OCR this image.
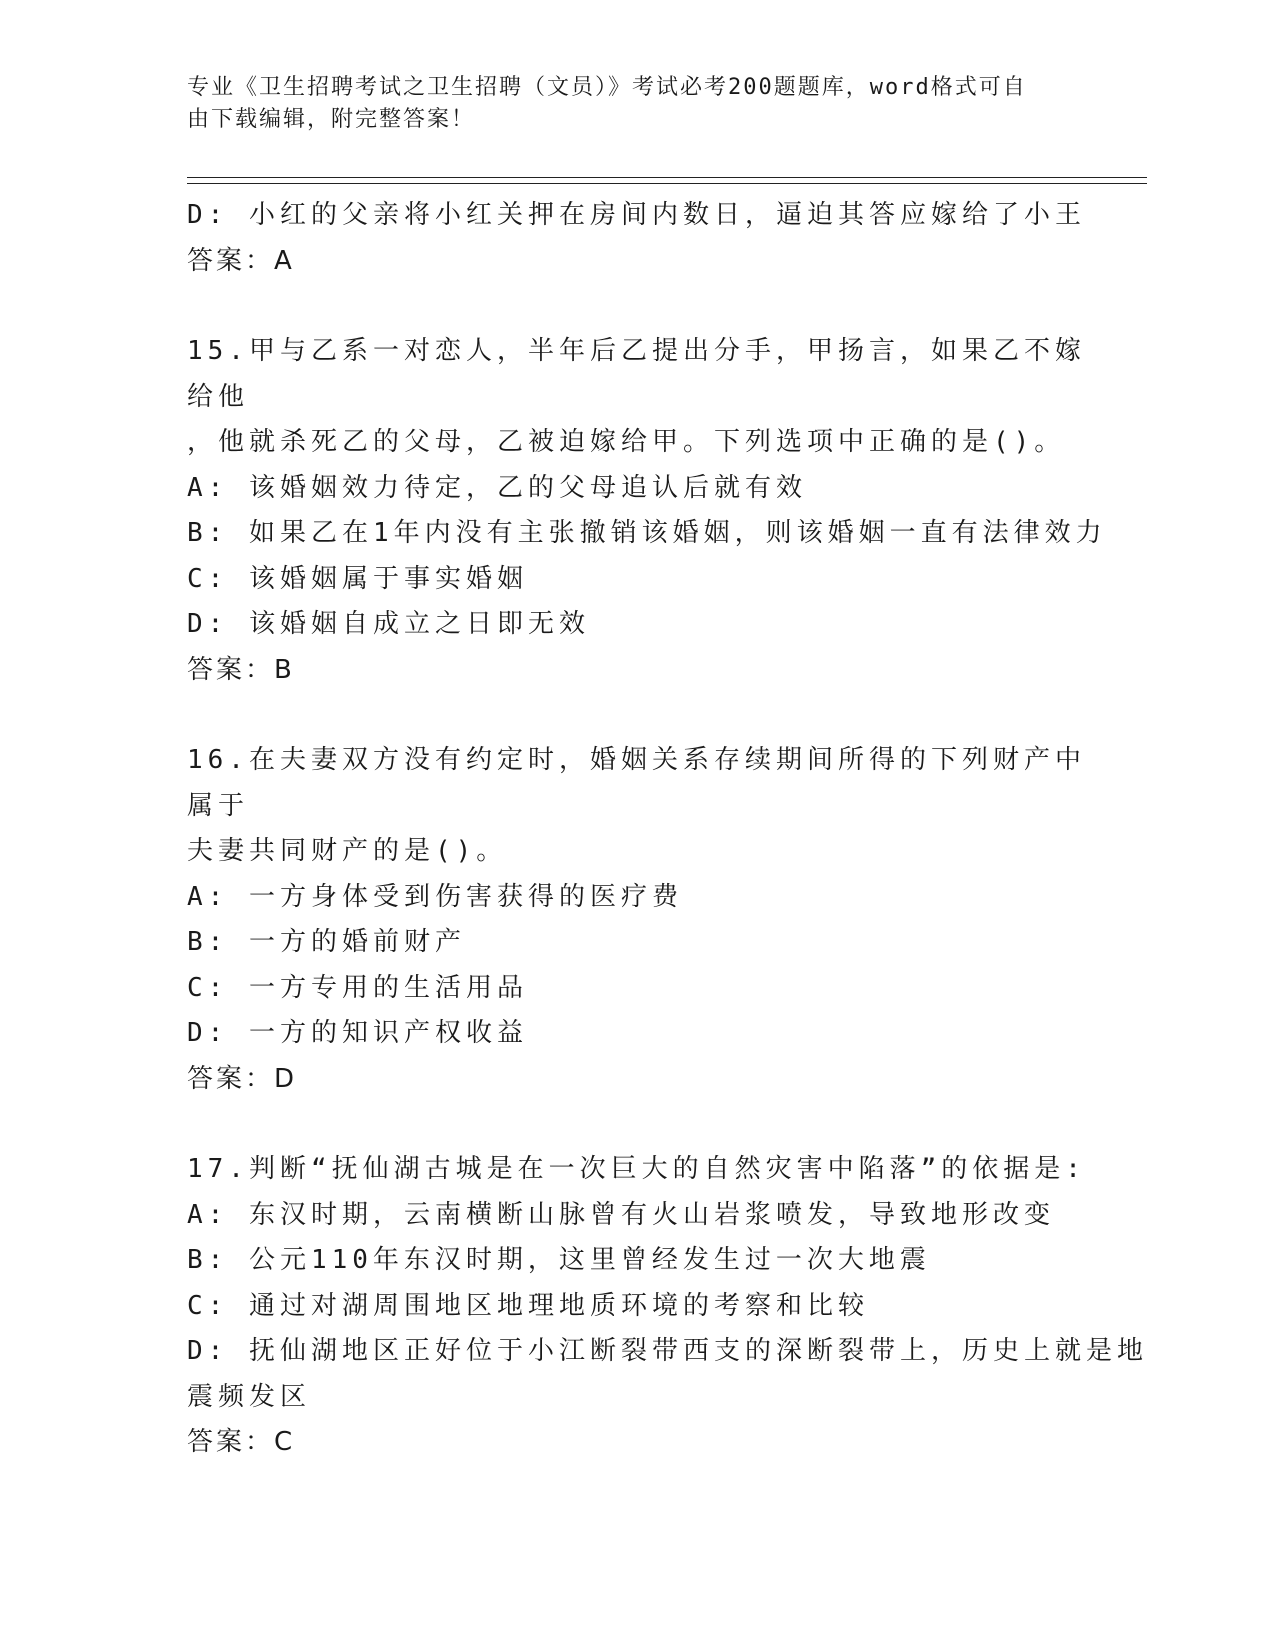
专业《卫生招聘考试之卫生招聘（文员）》考试必考200题题库，word格式可自
由下载编辑，附完整答案！
D: 小红的父亲将小红关押在房间内数日，逼迫其答应嫁给了小王
答案：A
15.甲与乙系一对恋人，半年后乙提出分手，甲扬言，如果乙不嫁给他
，他就杀死乙的父母，乙被迫嫁给甲。下列选项中正确的是()。
A: 该婚姻效力待定，乙的父母追认后就有效
B: 如果乙在1年内没有主张撤销该婚姻，则该婚姻一直有法律效力
C: 该婚姻属于事实婚姻
D: 该婚姻自成立之日即无效
答案：B
16.在夫妻双方没有约定时，婚姻关系存续期间所得的下列财产中属于
夫妻共同财产的是()。
A: 一方身体受到伤害获得的医疗费
B: 一方的婚前财产
C: 一方专用的生活用品
D: 一方的知识产权收益
答案：D
17.判断“抚仙湖古城是在一次巨大的自然灾害中陷落”的依据是:
A: 东汉时期，云南横断山脉曾有火山岩浆喷发，导致地形改变
B: 公元110年东汉时期，这里曾经发生过一次大地震
C: 通过对湖周围地区地理地质环境的考察和比较
D: 抚仙湖地区正好位于小江断裂带西支的深断裂带上，历史上就是地
震频发区
答案：C
